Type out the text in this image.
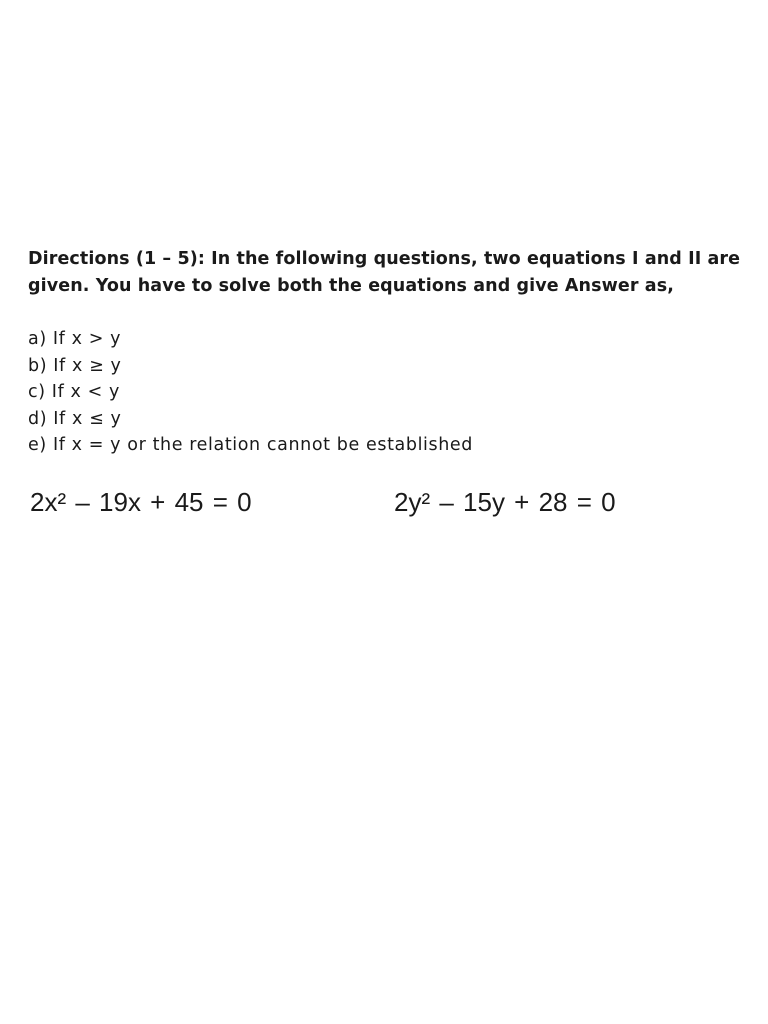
Directions (1 – 5): In the following questions, two equations I and II are given. You have to solve both the equations and give Answer as,

a) If x > y
b) If x ≥ y
c) If x < y
d) If x ≤ y
e) If x = y or the relation cannot be established
2x² – 19x + 45 = 0	2y² – 15y + 28 = 0
